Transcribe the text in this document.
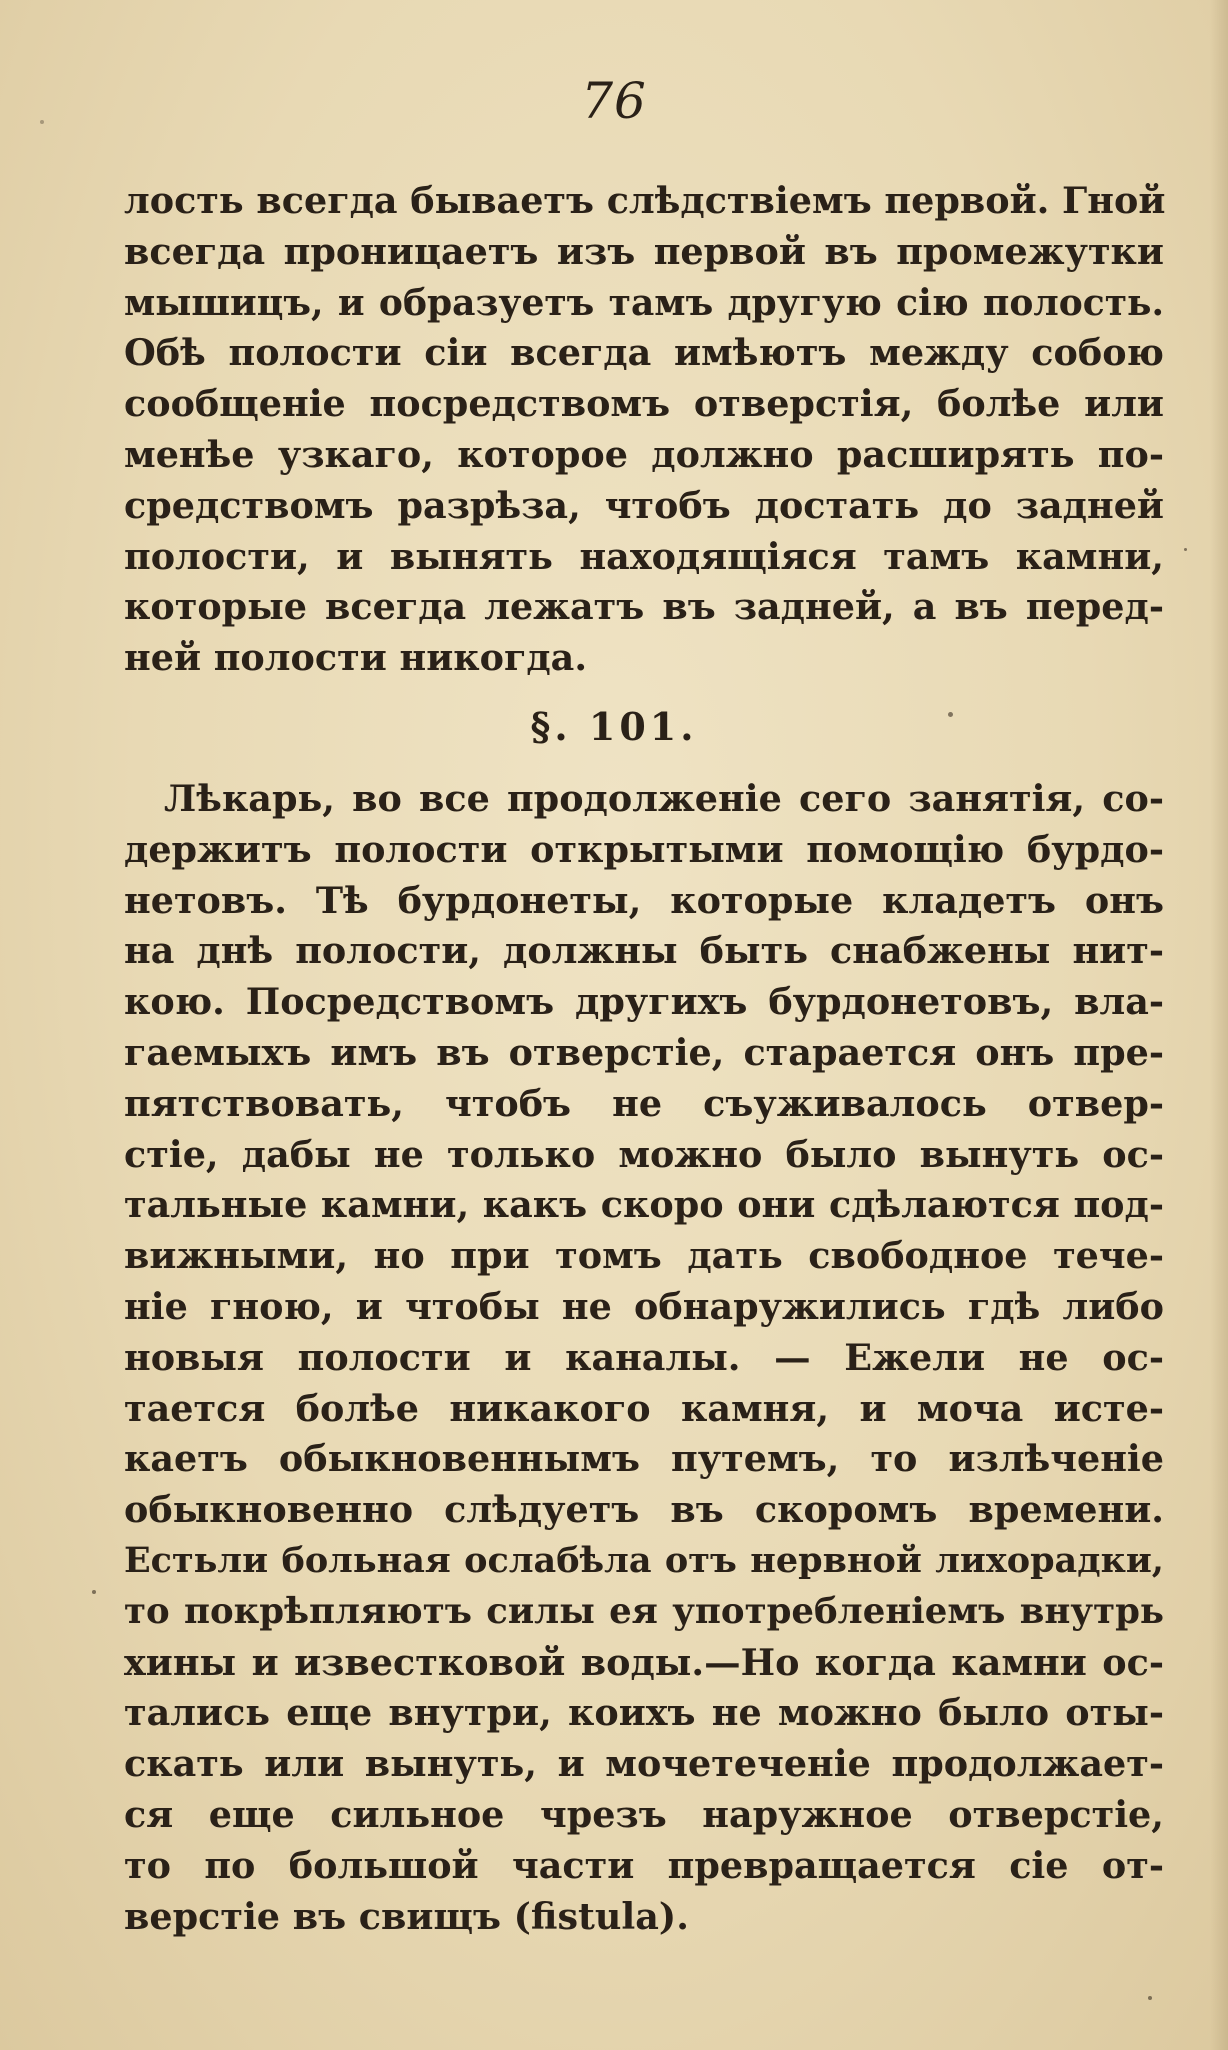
76
лость всегда бываетъ слѣдствіемъ первой. Гной
всегда проницаетъ изъ первой въ промежутки
мышицъ, и образуетъ тамъ другую сію полость.
Обѣ полости сіи всегда имѣютъ между собою
сообщеніе посредствомъ отверстія, болѣе или
менѣе узкаго, которое должно расширять по-
средствомъ разрѣза, чтобъ достать до задней
полости, и вынять находящіяся тамъ камни,
которые всегда лежатъ въ задней, а въ перед-
ней полости никогда.
§. 101.
Лѣкарь, во все продолженіе сего занятія, со-
держитъ полости открытыми помощію бурдо-
нетовъ. Тѣ бурдонеты, которые кладетъ онъ
на днѣ полости, должны быть снабжены нит-
кою. Посредствомъ другихъ бурдонетовъ, вла-
гаемыхъ имъ въ отверстіе, старается онъ пре-
пятствовать, чтобъ не съуживалось отвер-
стіе, дабы не только можно было вынуть ос-
тальные камни, какъ скоро они сдѣлаются под-
вижными, но при томъ дать свободное тече-
ніе гною, и чтобы не обнаружились гдѣ либо
новыя полости и каналы. — Ежели не ос-
тается болѣе никакого камня, и моча исте-
каетъ обыкновеннымъ путемъ, то излѣченіе
обыкновенно слѣдуетъ въ скоромъ времени.
Естьли больная ослабѣла отъ нервной лихорадки,
то покрѣпляютъ силы ея употребленіемъ внутрь
хины и известковой воды.—Но когда камни ос-
тались еще внутри, коихъ не можно было оты-
скать или вынуть, и мочетеченіе продолжает-
ся еще сильное чрезъ наружное отверстіе,
то по большой части превращается сіе от-
верстіе въ свищъ (fistula).
